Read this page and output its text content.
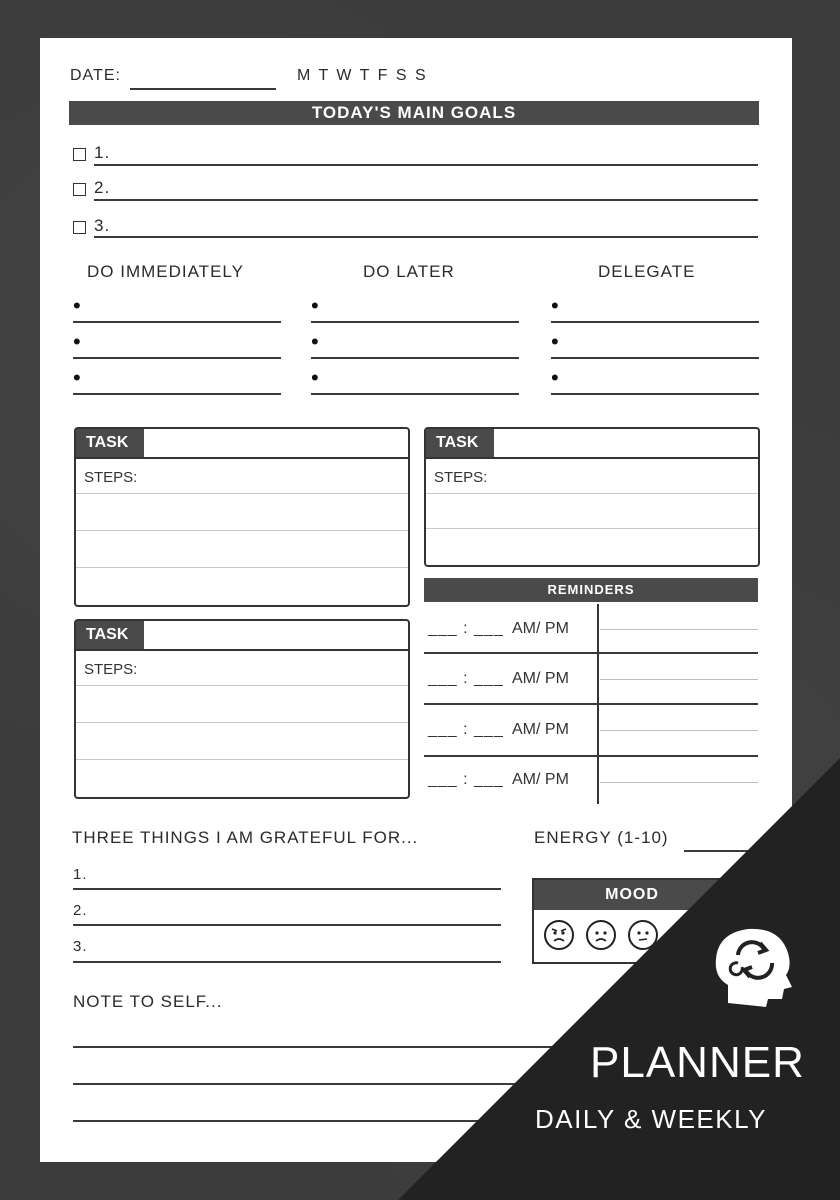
DATE:	M T W T F S S
TODAY'S MAIN GOALS
1.
2.
3.
DO IMMEDIATELY	DO LATER	DELEGATE
•
•
•
•
•
•
•
•
•
TASK
STEPS:
TASK
STEPS:
TASK
STEPS:
REMINDERS
___ : ___ AM/ PM
___ : ___ AM/ PM
___ : ___ AM/ PM
___ : ___ AM/ PM
THREE THINGS I AM GRATEFUL FOR...
1.
2.
3.
ENERGY (1-10)
MOOD
NOTE TO SELF...
PLANNER
DAILY & WEEKLY
